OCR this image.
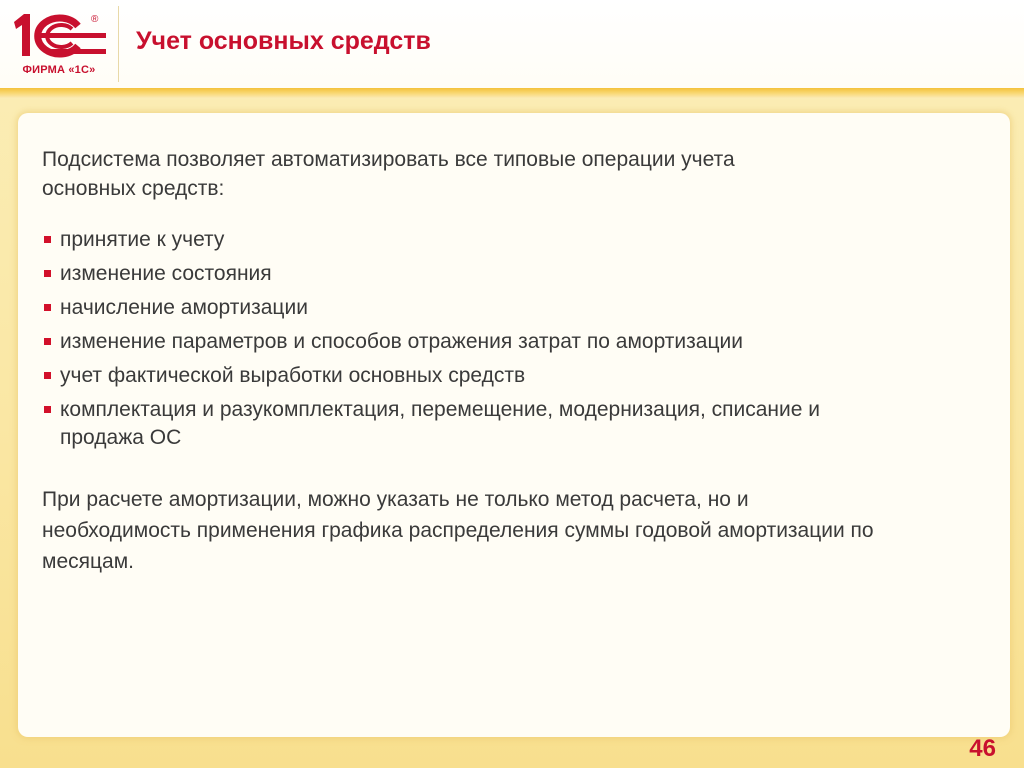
®
ФИРМА «1С»
Учет основных средств

Подсистема позволяет автоматизировать все типовые операции учета основных средств:

принятие к учету
изменение состояния
начисление амортизации
изменение параметров и способов отражения затрат по амортизации
учет фактической выработки основных средств
комплектация и разукомплектация, перемещение, модернизация, списание и продажа ОС

При расчете амортизации, можно указать не только метод расчета, но и необходимость применения графика распределения суммы годовой амортизации по месяцам.

46
